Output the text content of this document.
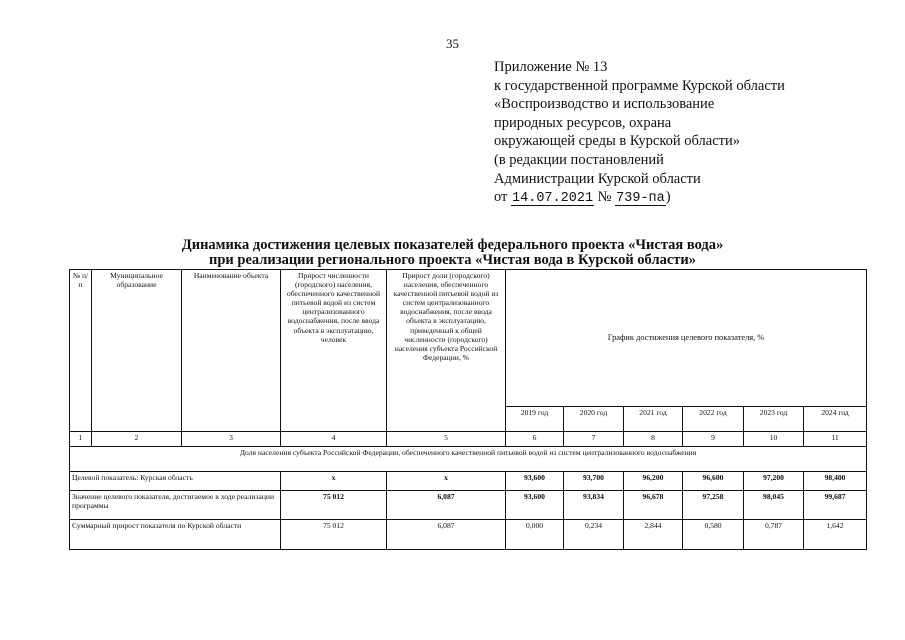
35
Приложение № 13
к государственной программе Курской области
«Воспроизводство и использование
природных ресурсов, охрана
окружающей среды в Курской области»
(в редакции постановлений
Администрации Курской области
от 14.07.2021 № 739-па)
Динамика достижения целевых показателей федерального проекта «Чистая вода»
при реализации регионального проекта «Чистая вода в Курской области»
№ п/п	Муниципальное образование	Наименование объекта	Прирост численности (городского) населения, обеспеченного качественной питьевой водой из систем централизованного водоснабжения, после ввода объекта в эксплуатацию, человек	Прирост доли (городского) населения, обеспеченного качественной питьевой водой из систем централизованного водоснабжения, после ввода объекта в эксплуатацию, приведенный к общей численности (городского) населения субъекта Российской Федерации, %	График достижения целевого показателя, %					
					2019 год	2020 год	2021 год	2022 год	2023 год	2024 год
1	2	3	4	5	6	7	8	9	10	11
Доля населения субъекта Российской Федерации, обеспеченного качественной питьевой водой из систем централизованного водоснабжения										
Целевой показатель: Курская область			х	х	93,600	93,700	96,200	96,600	97,200	98,400
Значение целевого показателя, достигаемое в ходе реализации программы			75 012	6,087	93,600	93,834	96,678	97,258	98,045	99,687
Суммарный прирост показателя по Курской области			75 012	6,087	0,000	0,234	2,844	0,580	0,787	1,642
